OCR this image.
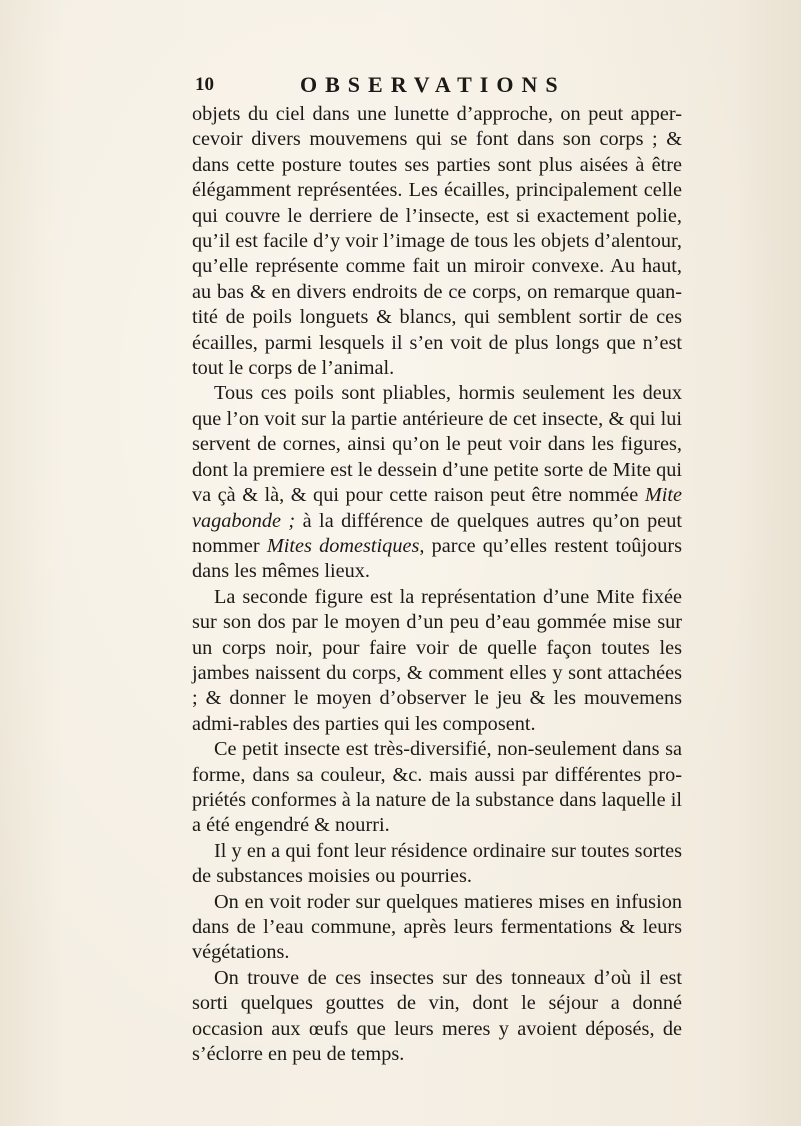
10	OBSERVATIONS

objets du ciel dans une lunette d’approche, on peut apper-cevoir divers mouvemens qui se font dans son corps ; & dans cette posture toutes ses parties sont plus aisées à être élégamment représentées. Les écailles, principalement celle qui couvre le derriere de l’insecte, est si exactement polie, qu’il est facile d’y voir l’image de tous les objets d’alentour, qu’elle représente comme fait un miroir convexe. Au haut, au bas & en divers endroits de ce corps, on remarque quan-tité de poils longuets & blancs, qui semblent sortir de ces écailles, parmi lesquels il s’en voit de plus longs que n’est tout le corps de l’animal.

Tous ces poils sont pliables, hormis seulement les deux que l’on voit sur la partie antérieure de cet insecte, & qui lui servent de cornes, ainsi qu’on le peut voir dans les figures, dont la premiere est le dessein d’une petite sorte de Mite qui va çà & là, & qui pour cette raison peut être nommée Mite vagabonde ; à la différence de quelques autres qu’on peut nommer Mites domestiques, parce qu’elles restent toûjours dans les mêmes lieux.

La seconde figure est la représentation d’une Mite fixée sur son dos par le moyen d’un peu d’eau gommée mise sur un corps noir, pour faire voir de quelle façon toutes les jambes naissent du corps, & comment elles y sont attachées ; & donner le moyen d’observer le jeu & les mouvemens admi-rables des parties qui les composent.

Ce petit insecte est très-diversifié, non-seulement dans sa forme, dans sa couleur, &c. mais aussi par différentes pro-priétés conformes à la nature de la substance dans laquelle il a été engendré & nourri.

Il y en a qui font leur résidence ordinaire sur toutes sortes de substances moisies ou pourries.

On en voit roder sur quelques matieres mises en infusion dans de l’eau commune, après leurs fermentations & leurs végétations.

On trouve de ces insectes sur des tonneaux d’où il est sorti quelques gouttes de vin, dont le séjour a donné occasion aux œufs que leurs meres y avoient déposés, de s’éclorre en peu de temps.
